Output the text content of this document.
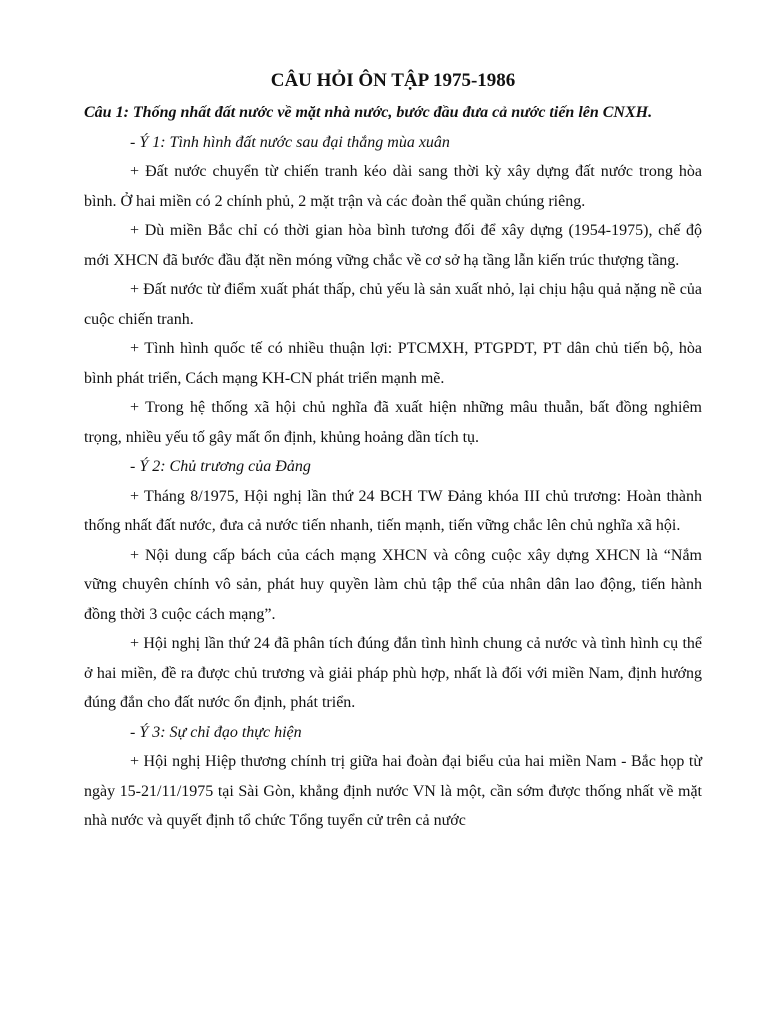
CÂU HỎI ÔN TẬP 1975-1986

Câu 1: Thống nhất đất nước về mặt nhà nước, bước đầu đưa cả nước tiến lên CNXH.

- Ý 1: Tình hình đất nước sau đại thắng mùa xuân

+ Đất nước chuyển từ chiến tranh kéo dài sang thời kỳ xây dựng đất nước trong hòa bình. Ở hai miền có 2 chính phủ, 2 mặt trận và các đoàn thể quần chúng riêng.

+ Dù miền Bắc chỉ có thời gian hòa bình tương đối để xây dựng (1954-1975), chế độ mới XHCN đã bước đầu đặt nền móng vững chắc về cơ sở hạ tầng lẫn kiến trúc thượng tầng.

+ Đất nước từ điểm xuất phát thấp, chủ yếu là sản xuất nhỏ, lại chịu hậu quả nặng nề của cuộc chiến tranh.

+ Tình hình quốc tế có nhiều thuận lợi: PTCMXH, PTGPDT, PT dân chủ tiến bộ, hòa bình phát triển, Cách mạng KH-CN phát triển mạnh mẽ.

+ Trong hệ thống xã hội chủ nghĩa đã xuất hiện những mâu thuẫn, bất đồng nghiêm trọng, nhiều yếu tố gây mất ổn định, khủng hoảng dần tích tụ.

- Ý 2: Chủ trương của Đảng

+ Tháng 8/1975, Hội nghị lần thứ 24 BCH TW Đảng khóa III chủ trương: Hoàn thành thống nhất đất nước, đưa cả nước tiến nhanh, tiến mạnh, tiến vững chắc lên chủ nghĩa xã hội.

+ Nội dung cấp bách của cách mạng XHCN và công cuộc xây dựng XHCN là “Nắm vững chuyên chính vô sản, phát huy quyền làm chủ tập thể của nhân dân lao động, tiến hành đồng thời 3 cuộc cách mạng”.

+ Hội nghị lần thứ 24 đã phân tích đúng đắn tình hình chung cả nước và tình hình cụ thể ở hai miền, đề ra được chủ trương và giải pháp phù hợp, nhất là đối với miền Nam, định hướng đúng đắn cho đất nước ổn định, phát triển.

- Ý 3: Sự chỉ đạo thực hiện

+ Hội nghị Hiệp thương chính trị giữa hai đoàn đại biểu của hai miền Nam - Bắc họp từ ngày 15-21/11/1975 tại Sài Gòn, khẳng định nước VN là một, cần sớm được thống nhất về mặt nhà nước và quyết định tổ chức Tổng tuyển cử trên cả nước
